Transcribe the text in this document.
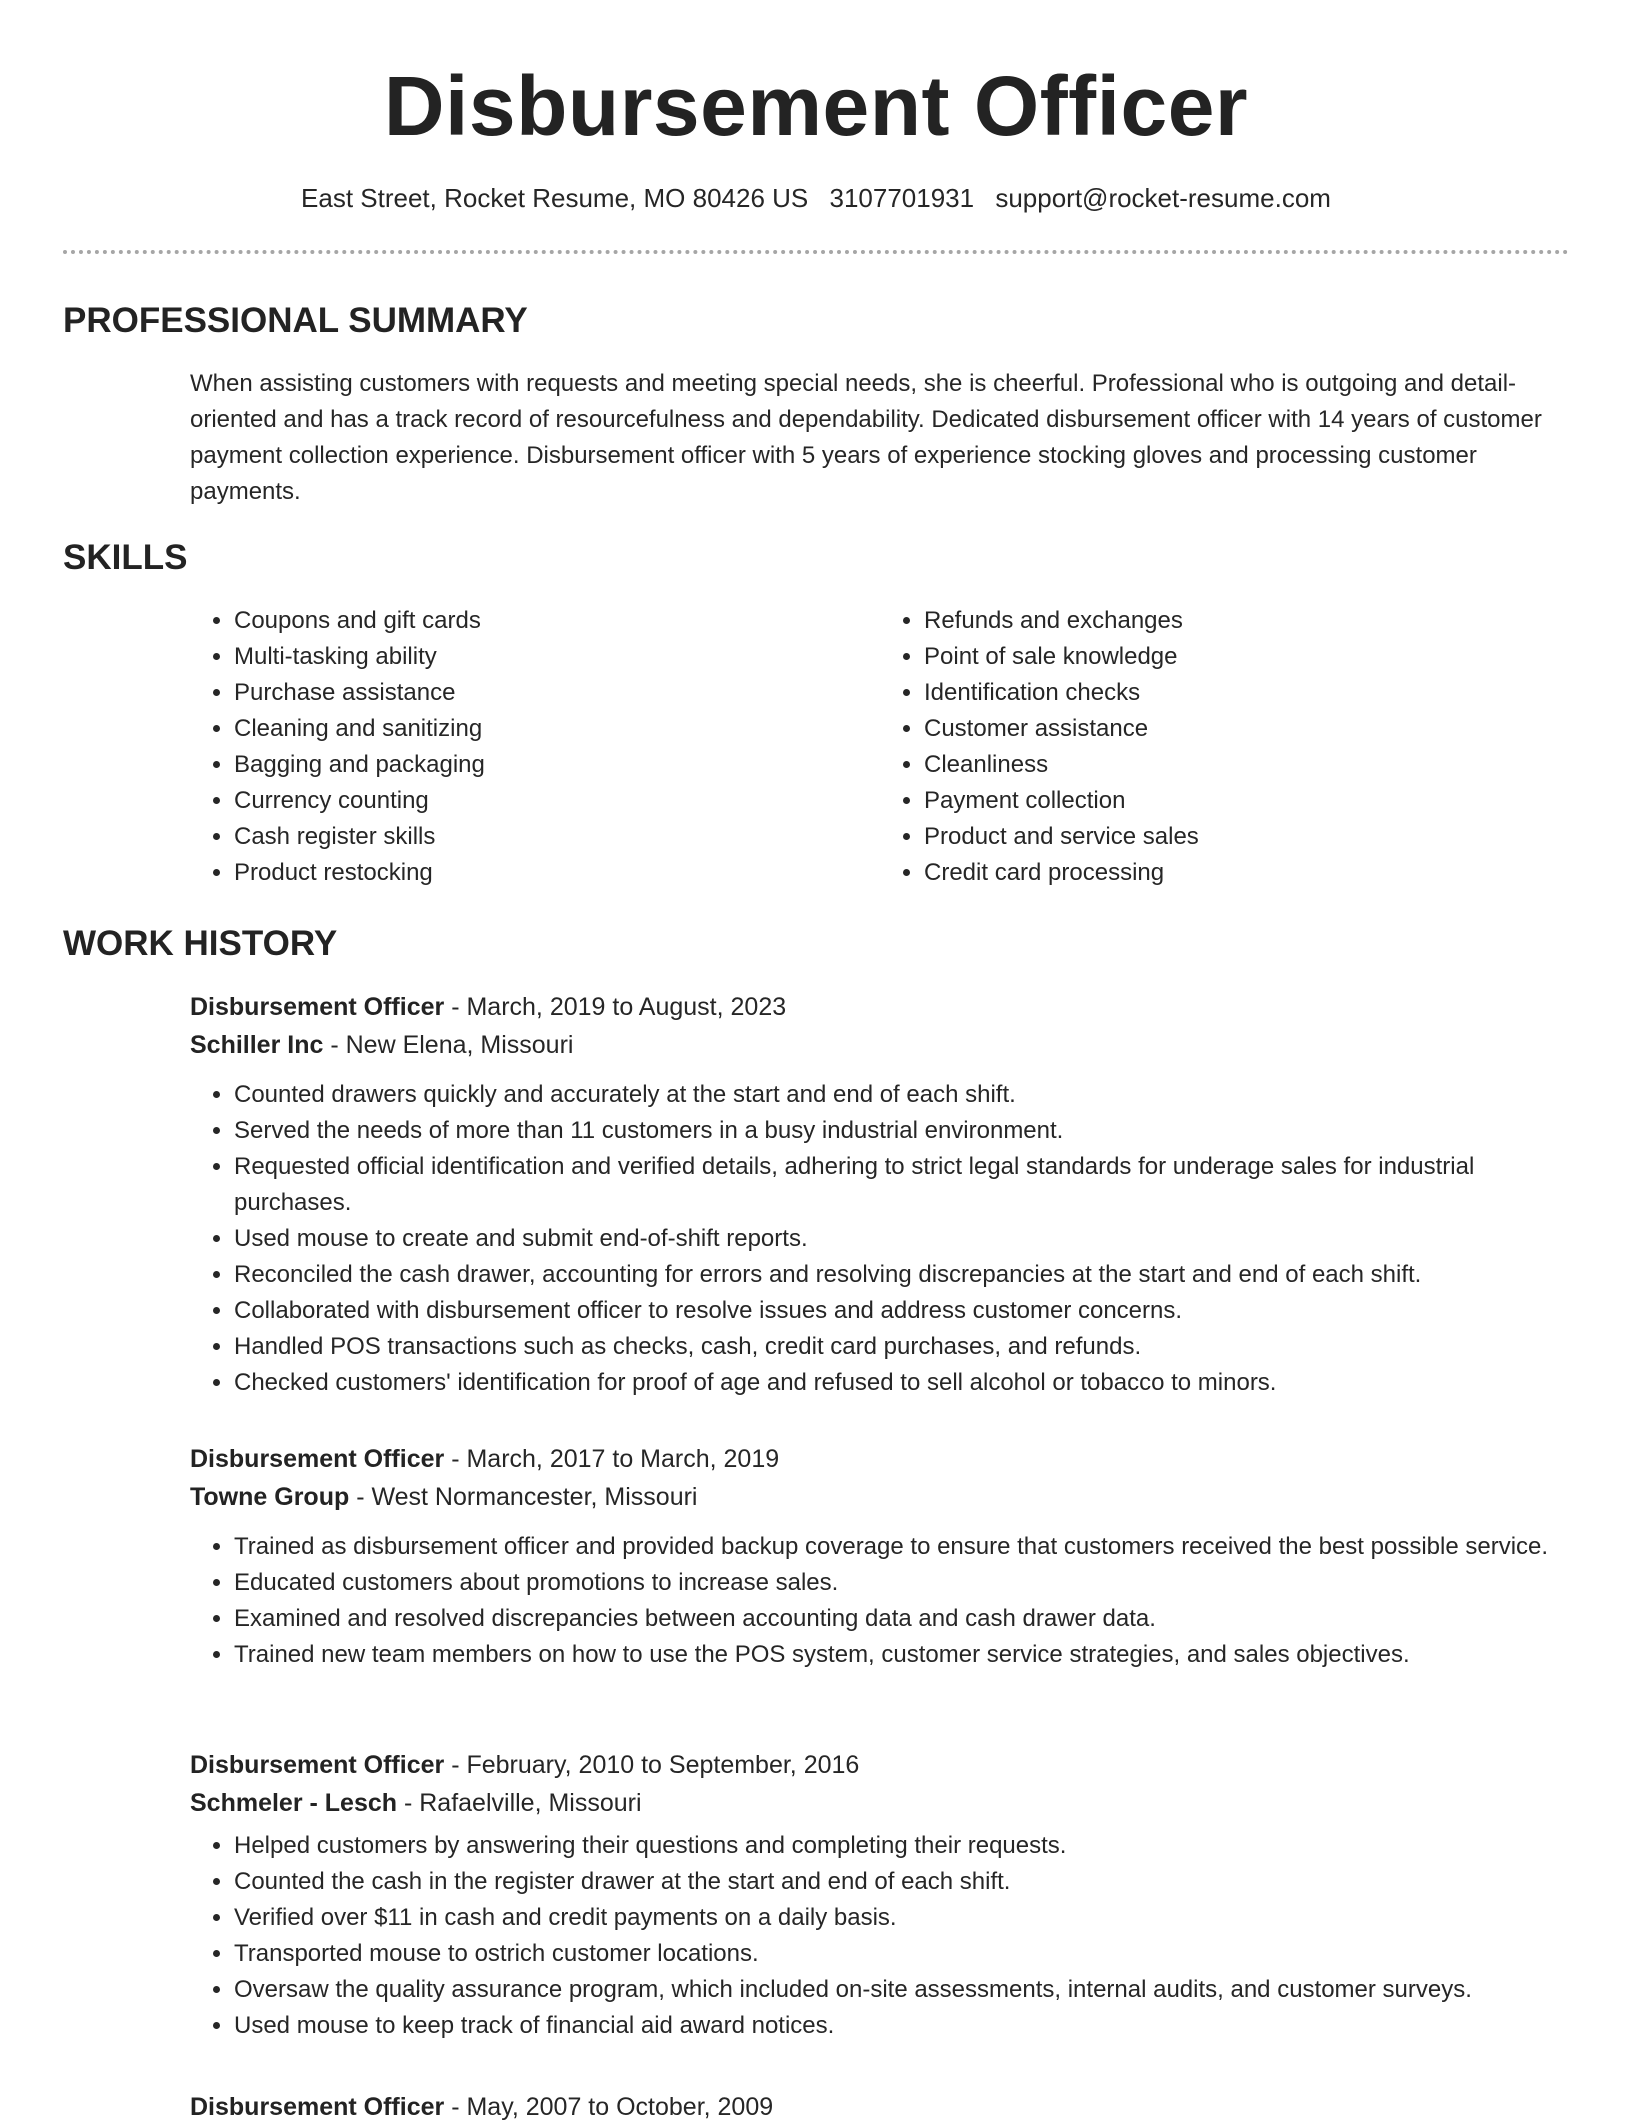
Disbursement Officer
East Street, Rocket Resume, MO 80426 US 3107701931 support@rocket-resume.com
PROFESSIONAL SUMMARY

When assisting customers with requests and meeting special needs, she is cheerful. Professional who is outgoing and detail-oriented and has a track record of resourcefulness and dependability. Dedicated disbursement officer with 14 years of customer payment collection experience. Disbursement officer with 5 years of experience stocking gloves and processing customer payments.

SKILLS
• Coupons and gift cards
• Multi-tasking ability
• Purchase assistance
• Cleaning and sanitizing
• Bagging and packaging
• Currency counting
• Cash register skills
• Product restocking
• Refunds and exchanges
• Point of sale knowledge
• Identification checks
• Customer assistance
• Cleanliness
• Payment collection
• Product and service sales
• Credit card processing
WORK HISTORY
Disbursement Officer - March, 2019 to August, 2023
Schiller Inc - New Elena, Missouri
• Counted drawers quickly and accurately at the start and end of each shift.
• Served the needs of more than 11 customers in a busy industrial environment.
• Requested official identification and verified details, adhering to strict legal standards for underage sales for industrial purchases.
• Used mouse to create and submit end-of-shift reports.
• Reconciled the cash drawer, accounting for errors and resolving discrepancies at the start and end of each shift.
• Collaborated with disbursement officer to resolve issues and address customer concerns.
• Handled POS transactions such as checks, cash, credit card purchases, and refunds.
• Checked customers' identification for proof of age and refused to sell alcohol or tobacco to minors.
Disbursement Officer - March, 2017 to March, 2019
Towne Group - West Normancester, Missouri
• Trained as disbursement officer and provided backup coverage to ensure that customers received the best possible service.
• Educated customers about promotions to increase sales.
• Examined and resolved discrepancies between accounting data and cash drawer data.
• Trained new team members on how to use the POS system, customer service strategies, and sales objectives.
Disbursement Officer - February, 2010 to September, 2016
Schmeler - Lesch - Rafaelville, Missouri
• Helped customers by answering their questions and completing their requests.
• Counted the cash in the register drawer at the start and end of each shift.
• Verified over $11 in cash and credit payments on a daily basis.
• Transported mouse to ostrich customer locations.
• Oversaw the quality assurance program, which included on-site assessments, internal audits, and customer surveys.
• Used mouse to keep track of financial aid award notices.
Disbursement Officer - May, 2007 to October, 2009
